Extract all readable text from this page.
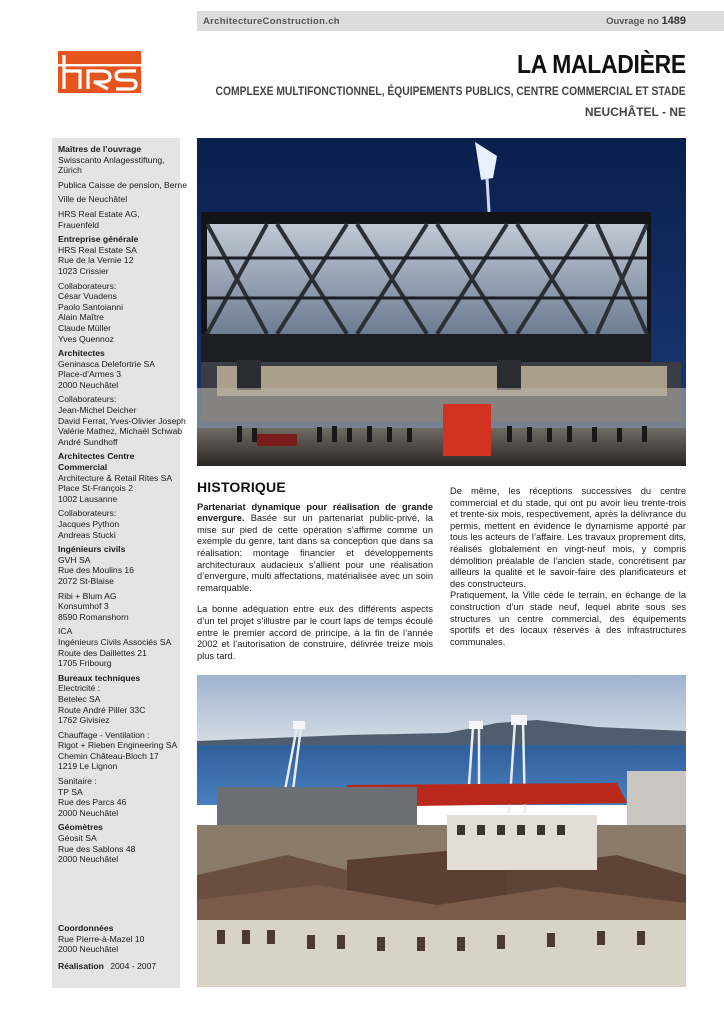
ArchitectureConstruction.ch	Ouvrage no 1489
LA MALADIÈRE
COMPLEXE MULTIFONCTIONNEL, ÉQUIPEMENTS PUBLICS, CENTRE COMMERCIAL ET STADE
NEUCHÂTEL - NE
Maîtres de l’ouvrage
Swisscanto Anlagesstiftung,
Zürich
Publica Caisse de pension, Berne
Ville de Neuchâtel
HRS Real Estate AG,
Frauenfeld
Entreprise générale
HRS Real Estate SA
Rue de la Vernie 12
1023 Crissier
Collaborateurs:
César Vuadens
Paolo Santoianni
Alain Maître
Claude Müller
Yves Quennoz
Architectes
Geninasca Delefortrie SA
Place-d’Armes 3
2000 Neuchâtel
Collaborateurs:
Jean-Michel Deicher
David Ferrat, Yves-Olivier Joseph
Valérie Mathez, Michaël Schwab
André Sundhoff
Architectes Centre Commercial
Architecture & Retail Rites SA
Place St-François 2
1002 Lausanne
Collaborateurs:
Jacques Python
Andreas Stucki
Ingénieurs civils
GVH SA
Rue des Moulins 16
2072 St-Blaise
Ribi + Blum AG
Konsumhof 3
8590 Romanshorn
ICA
Ingénieurs Civils Associés SA
Route des Daillettes 21
1705 Fribourg
Bureaux techniques
Electricité :
Betelec SA
Route André Piller 33C
1762 Givisiez
Chauffage - Ventilation :
Rigot + Rieben Engineering SA
Chemin Château-Bloch 17
1219 Le Lignon
Sanitaire :
TP SA
Rue des Parcs 46
2000 Neuchâtel
Géomètres
Géosit SA
Rue des Sablons 48
2000 Neuchâtel
Coordonnées
Rue Pierre-à-Mazel 10
2000 Neuchâtel
Réalisation 2004 - 2007
HISTORIQUE

Partenariat dynamique pour réalisation de grande envergure. Basée sur un partenariat public-privé, la mise sur pied de cette opération s’affirme comme un exemple du genre, tant dans sa conception que dans sa réalisation: montage financier et développements architecturaux audacieux s’allient pour une réalisation d’envergure, multi affectations, matérialisée avec un soin remarquable.

La bonne adéquation entre eux des différents aspects d’un tel projet s’illustre par le court laps de temps écoulé entre le premier accord de principe, à la fin de l’année 2002 et l’autorisation de construire, délivrée treize mois plus tard.

De même, les réceptions successives du centre commercial et du stade, qui ont pu avoir lieu trente-trois et trente-six mois, respectivement, après la délivrance du permis, mettent en évidence le dynamisme apporté par tous les acteurs de l’affaire. Les travaux proprement dits, réalisés globalement en vingt-neuf mois, y compris démolition préalable de l’ancien stade, concrétisent par ailleurs la qualité et le savoir-faire des planificateurs et des constructeurs.

Pratiquement, la Ville cède le terrain, en échange de la construction d’un stade neuf, lequel abrite sous ses structures un centre commercial, des équipements sportifs et des locaux réservés à des infrastructures communales.
